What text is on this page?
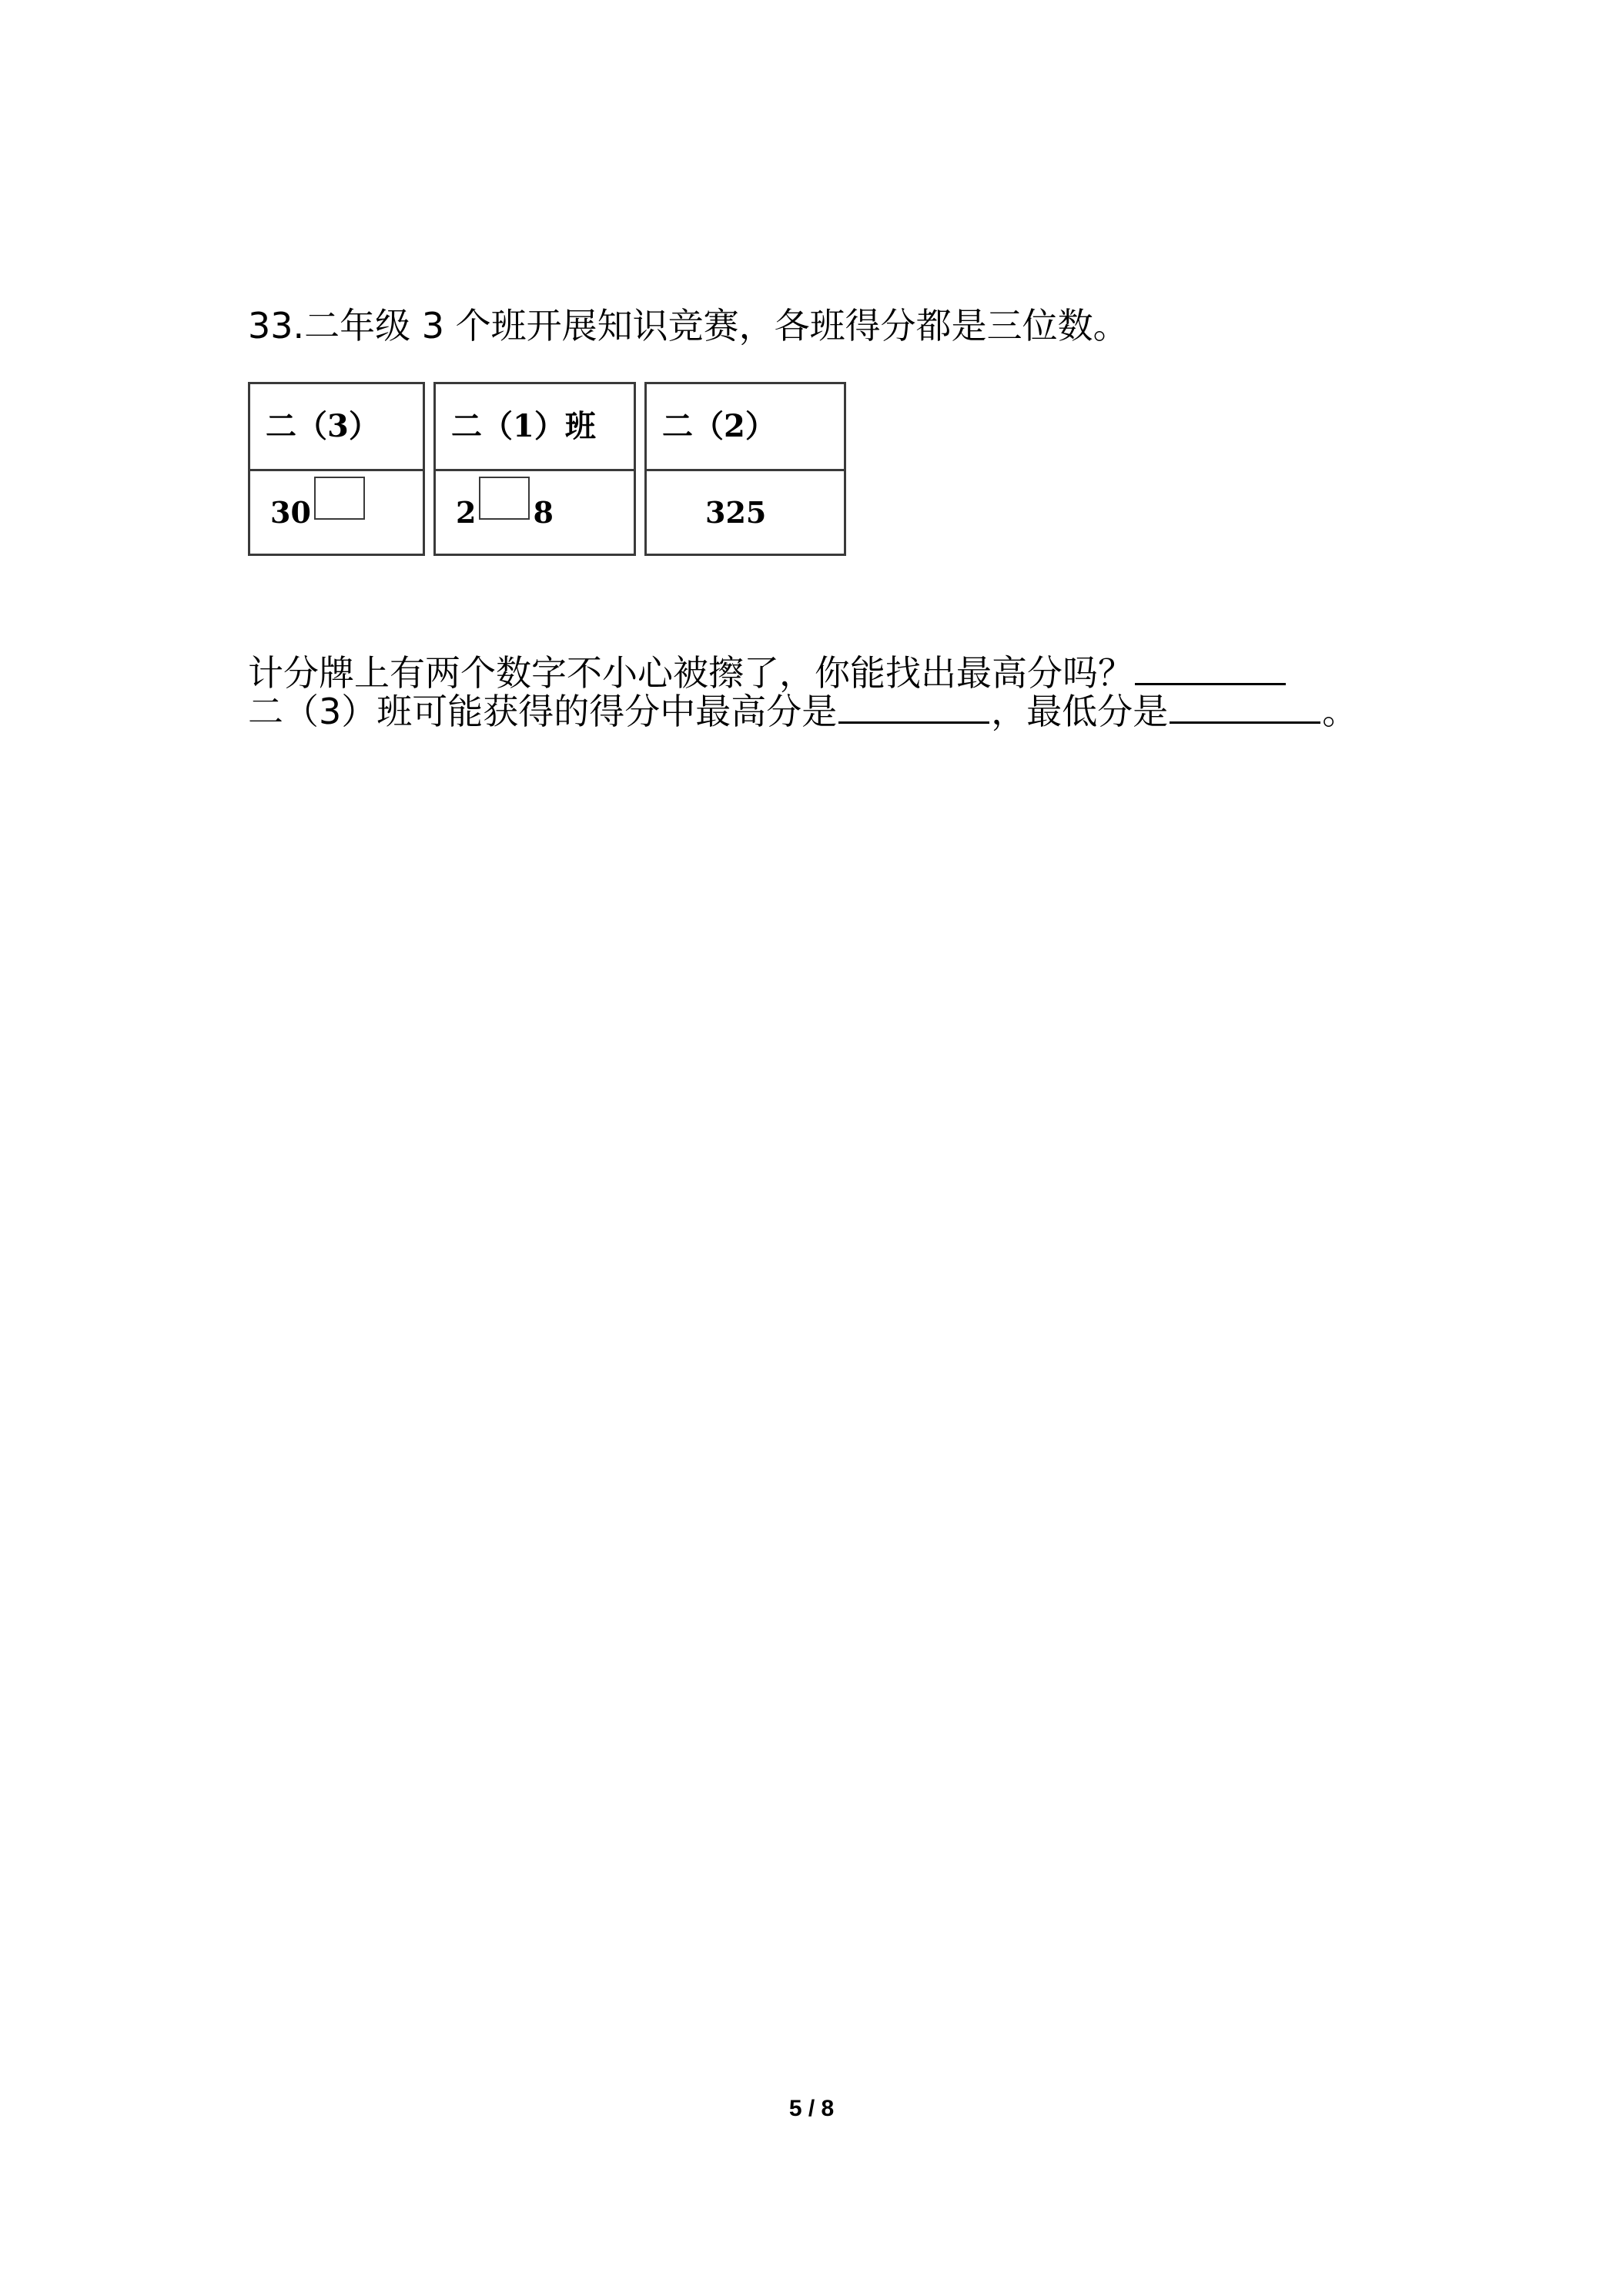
33.二年级 3 个班开展知识竞赛，各班得分都是三位数。
二（3）
30
二（1）班
2 8
二（2）
325
计分牌上有两个数字不小心被擦了，你能找出最高分吗？
二（3）班可能获得的得分中最高分是	，最低分是	。
5 / 8
